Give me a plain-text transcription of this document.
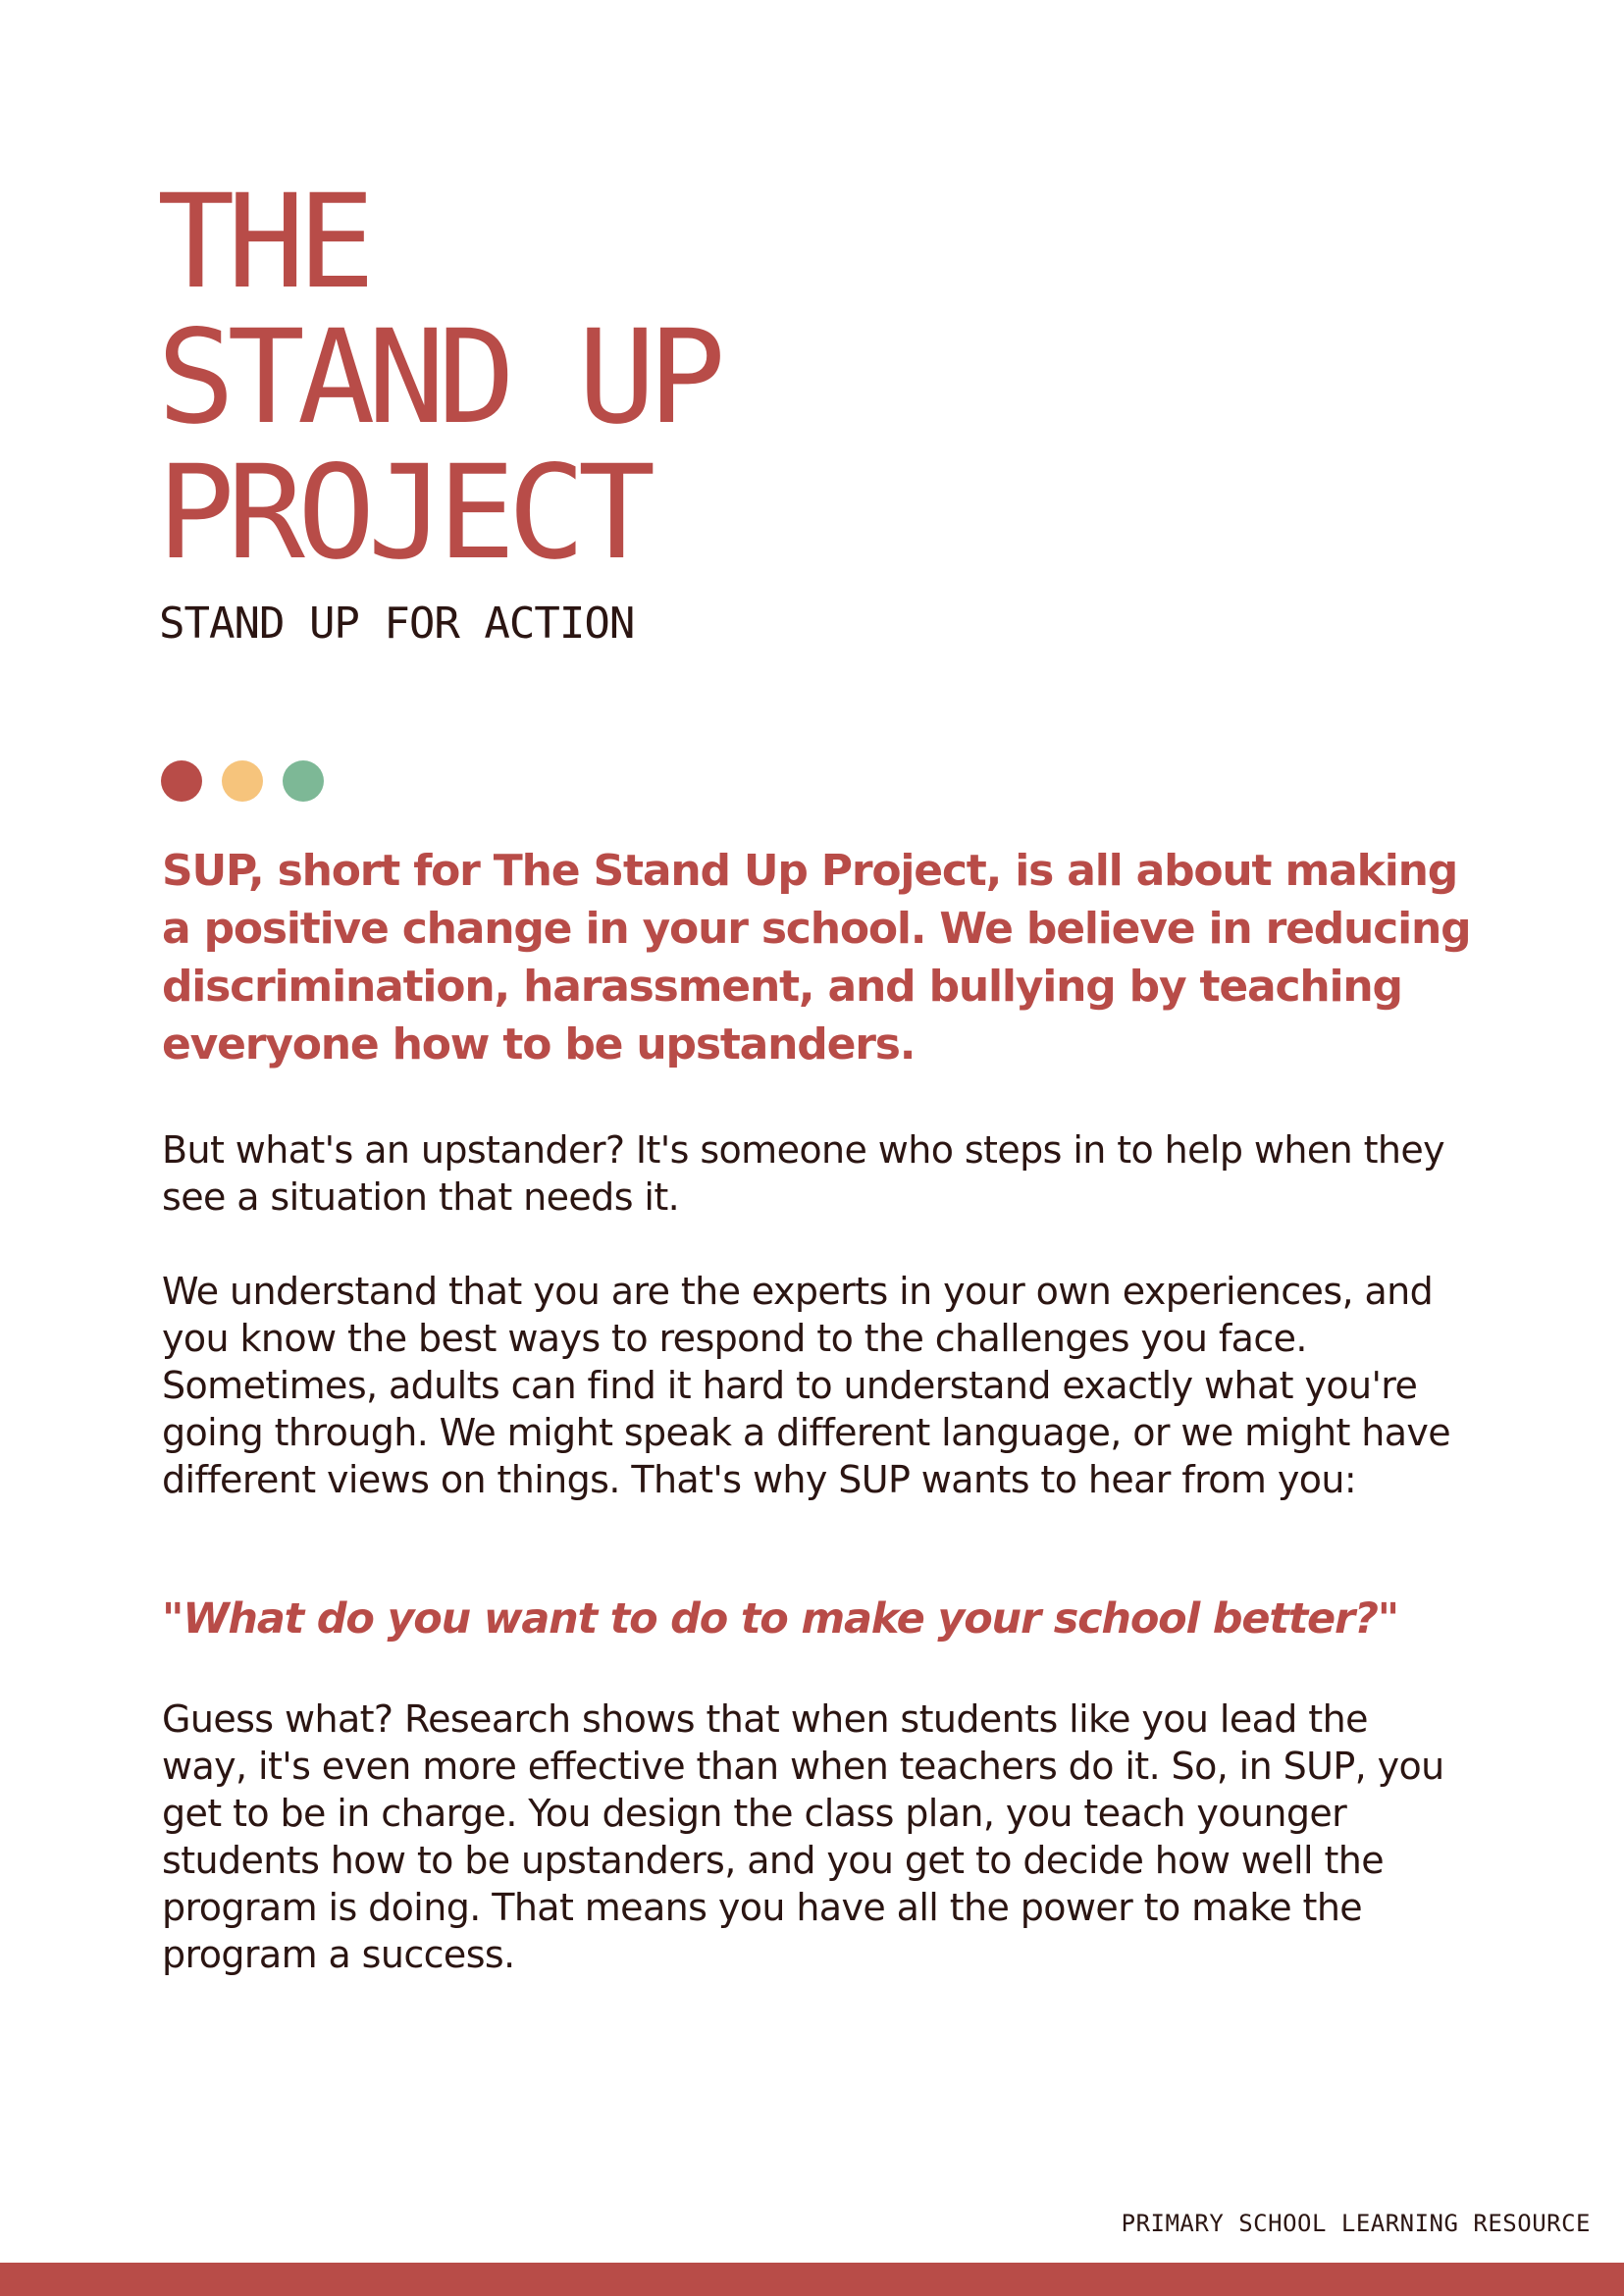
THE
STAND UP
PROJECT
STAND UP FOR ACTION

SUP, short for The Stand Up Project, is all about making a positive change in your school. We believe in reducing discrimination, harassment, and bullying by teaching everyone how to be upstanders.

But what's an upstander? It's someone who steps in to help when they see a situation that needs it.

We understand that you are the experts in your own experiences, and you know the best ways to respond to the challenges you face. Sometimes, adults can find it hard to understand exactly what you're going through. We might speak a different language, or we might have different views on things. That's why SUP wants to hear from you:

"What do you want to do to make your school better?"

Guess what? Research shows that when students like you lead the way, it's even more effective than when teachers do it. So, in SUP, you get to be in charge. You design the class plan, you teach younger students how to be upstanders, and you get to decide how well the program is doing. That means you have all the power to make the program a success.

PRIMARY SCHOOL LEARNING RESOURCE
